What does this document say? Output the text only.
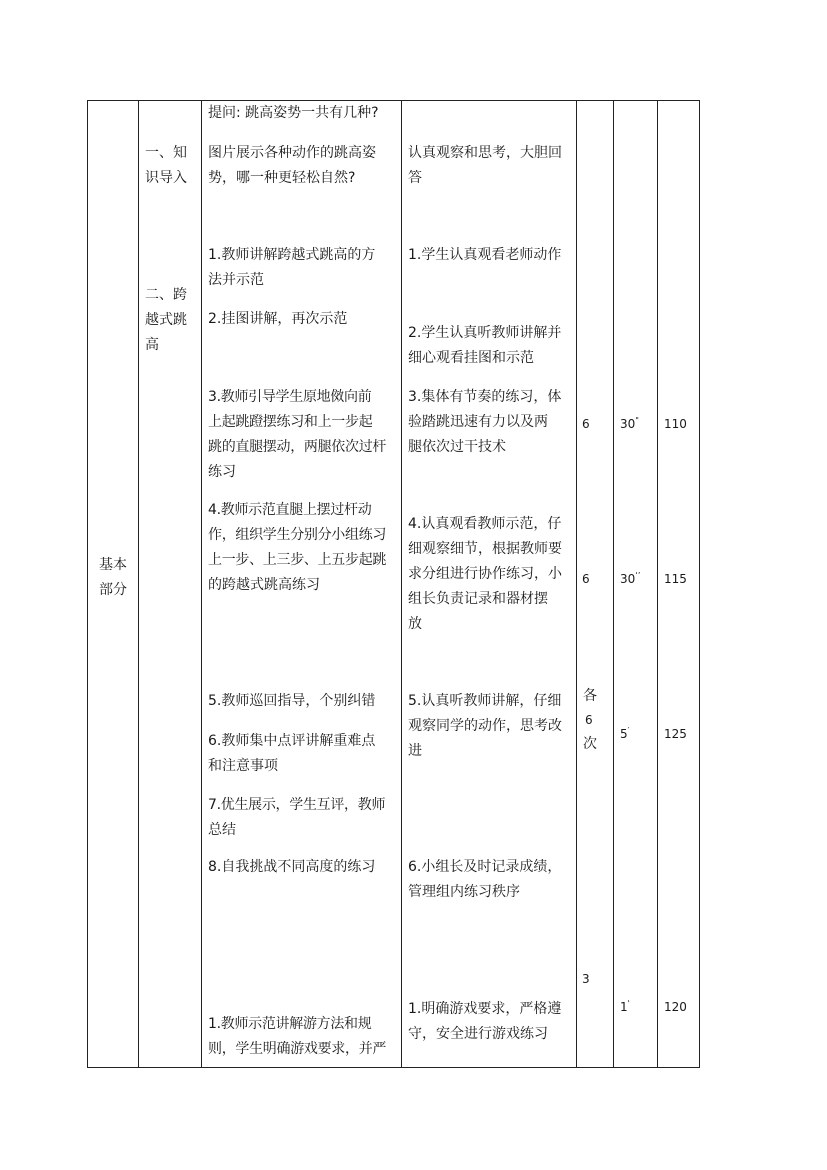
基本
部分
一、知
识导入
二、跨
越式跳
高
提问: 跳高姿势一共有几种?
图片展示各种动作的跳高姿
势，哪一种更轻松自然?
1.教师讲解跨越式跳高的方
法并示范
2.挂图讲解，再次示范
3.教师引导学生原地傚向前
上起跳蹬摆练习和上一步起
跳的直腿摆动，两腿依次过杆
练习
4.教师示范直腿上摆过杆动
作，组织学生分别分小组练习
上一步、上三步、上五步起跳
的跨越式跳高练习
5.教师巡回指导，个别纠错
6.教师集中点评讲解重难点
和注意事项
7.优生展示，学生互评，教师
总结
8.自我挑战不同高度的练习
1.教师示范讲解游方法和规
则，学生明确游戏要求，并严
认真观察和思考，大胆回
答
1.学生认真观看老师动作
2.学生认真听教师讲解并
细心观看挂图和示范
3.集体有节奏的练习，体
验踏跳迅速有力以及两
腿依次过干技术
4.认真观看教师示范，仔
细观察细节，根据教师要
求分组进行协作练习，小
组长负责记录和器材摆
放
5.认真听教师讲解，仔细
观察同学的动作，思考改
进
6.小组长及时记录成绩，
管理组内练习秩序
1.明确游戏要求，严格遵
守，安全进行游戏练习
6
6
各
6
次
3
30"
30‘’
5′
1'
110
115
125
120
